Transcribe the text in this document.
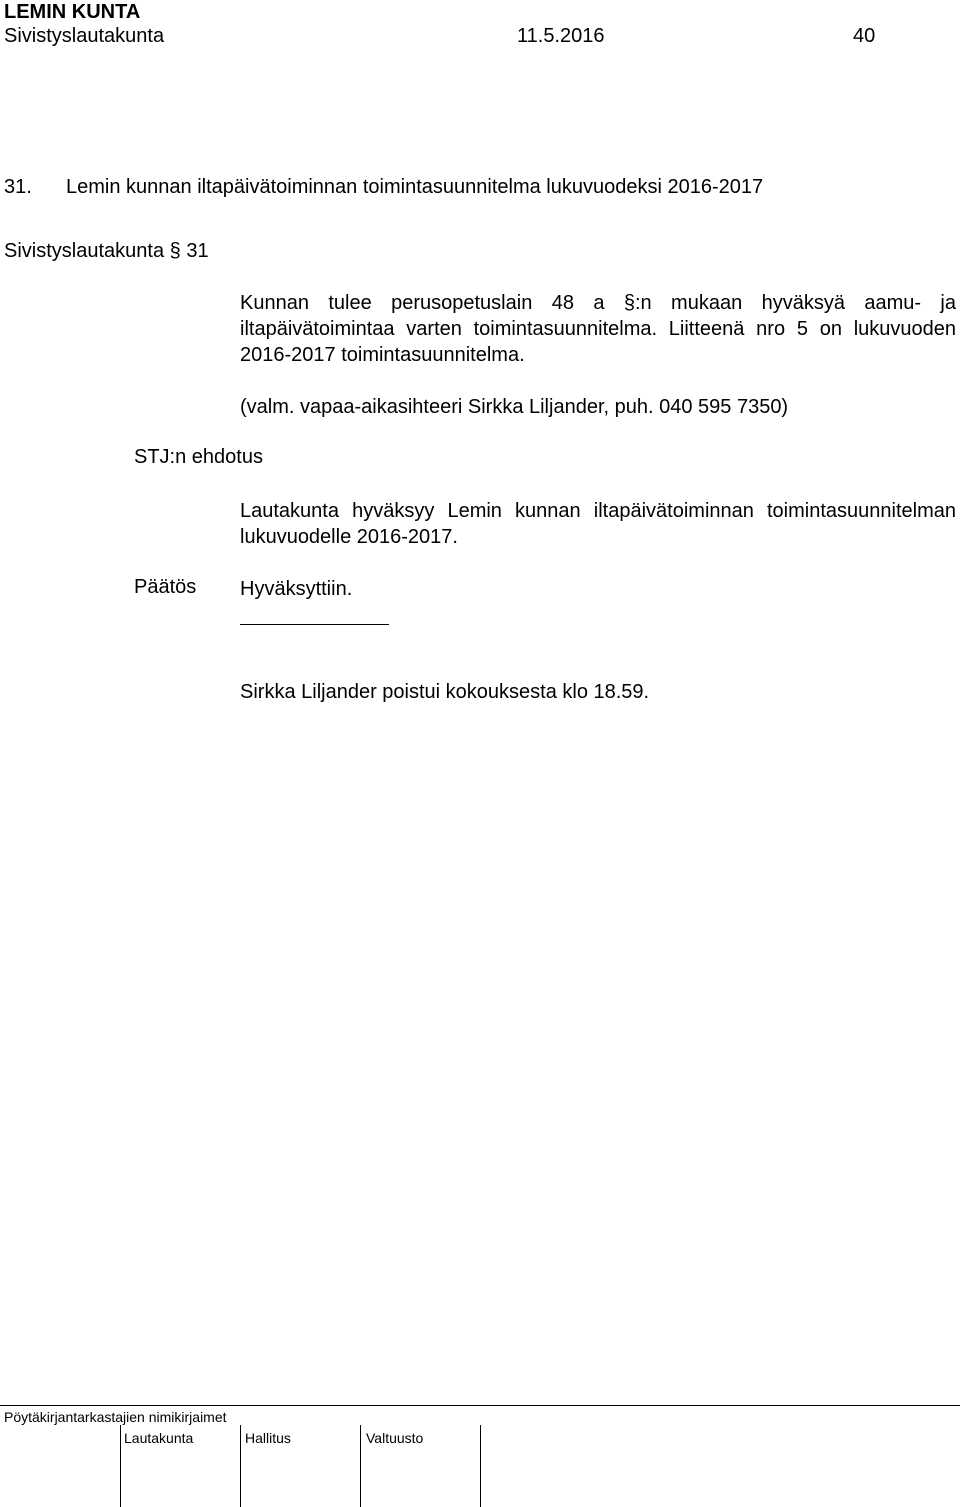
LEMIN KUNTA
Sivistyslautakunta	11.5.2016	40
31. Lemin kunnan iltapäivätoiminnan toimintasuunnitelma lukuvuodeksi 2016-2017
Sivistyslautakunta § 31

Kunnan tulee perusopetuslain 48 a §:n mukaan hyväksyä aamu- ja iltapäivätoimintaa varten toimintasuunnitelma. Liitteenä nro 5 on lukuvuoden 2016-2017 toimintasuunnitelma.

(valm. vapaa-aikasihteeri Sirkka Liljander, puh. 040 595 7350)

STJ:n ehdotus

Lautakunta hyväksyy Lemin kunnan iltapäivätoiminnan toimintasuunnitelman lukuvuodelle 2016-2017.

Päätös Hyväksyttiin.

Sirkka Liljander poistui kokouksesta klo 18.59.

Pöytäkirjantarkastajien nimikirjaimet
Lautakunta	Hallitus	Valtuusto
